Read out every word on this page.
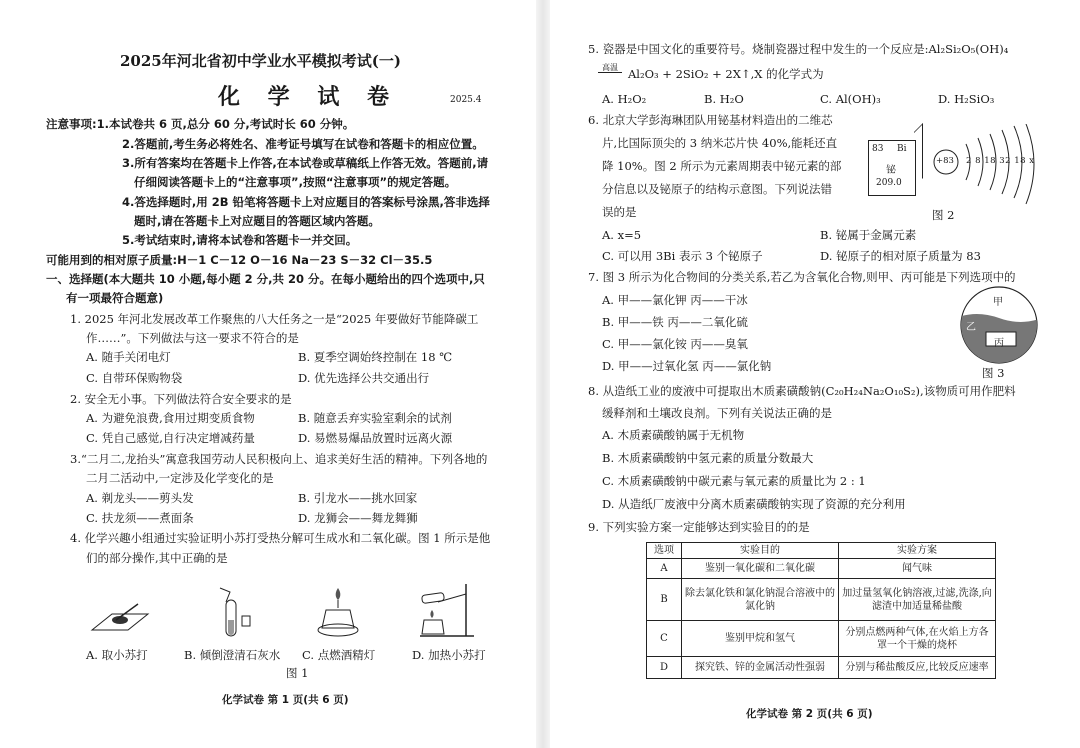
2025年河北省初中学业水平模拟考试(一)
化 学 试 卷	2025.4
注意事项:1.本试卷共 6 页,总分 60 分,考试时长 60 分钟。
2.答题前,考生务必将姓名、准考证号填写在试卷和答题卡的相应位置。
3.所有答案均在答题卡上作答,在本试卷或草稿纸上作答无效。答题前,请
仔细阅读答题卡上的“注意事项”,按照“注意事项”的规定答题。
4.答选择题时,用 2B 铅笔将答题卡上对应题目的答案标号涂黑,答非选择
题时,请在答题卡上对应题目的答题区域内答题。
5.考试结束时,请将本试卷和答题卡一并交回。
可能用到的相对原子质量:H－1 C－12 O－16 Na－23 S－32 Cl－35.5
一、选择题(本大题共 10 小题,每小题 2 分,共 20 分。在每小题给出的四个选项中,只
有一项最符合题意)
1. 2025 年河北发展改革工作聚焦的八大任务之一是“2025 年要做好节能降碳工
作……”。下列做法与这一要求不符合的是
A. 随手关闭电灯	B. 夏季空调始终控制在 18 ℃
C. 自带环保购物袋	D. 优先选择公共交通出行
2. 安全无小事。下列做法符合安全要求的是
A. 为避免浪费,食用过期变质食物	B. 随意丢弃实验室剩余的试剂
C. 凭自己感觉,自行决定增减药量	D. 易燃易爆品放置时远离火源
3.“二月二,龙抬头”寓意我国劳动人民积极向上、追求美好生活的精神。下列各地的
二月二活动中,一定涉及化学变化的是
A. 剃龙头——剪头发	B. 引龙水——挑水回家
C. 扶龙须——煮面条	D. 龙狮会——舞龙舞狮
4. 化学兴趣小组通过实验证明小苏打受热分解可生成水和二氧化碳。图 1 所示是他
们的部分操作,其中正确的是
A. 取小苏打	B. 倾倒澄清石灰水 C. 点燃酒精灯	D. 加热小苏打
图 1
化学试卷 第 1 页(共 6 页)
5. 瓷器是中国文化的重要符号。烧制瓷器过程中发生的一个反应是:Al₂Si₂O₅(OH)₄
高温 Al₂O₃ + 2SiO₂ + 2X↑,X 的化学式为
A. H₂O₂	B. H₂O	C. Al(OH)₃	D. H₂SiO₃
6. 北京大学彭海琳团队用铋基材料造出的二维芯
片,比国际顶尖的 3 纳米芯片快 40%,能耗还直
降 10%。图 2 所示为元素周期表中铋元素的部
分信息以及铋原子的结构示意图。下列说法错
误的是
83 Bi
铋
209.0
+83 2 8 18 32 18 x
图 2
A. x=5	B. 铋属于金属元素
C. 可以用 3Bi 表示 3 个铋原子	D. 铋原子的相对原子质量为 83
7. 图 3 所示为化合物间的分类关系,若乙为含氧化合物,则甲、丙可能是下列选项中的
A. 甲——氯化钾 丙——干冰
B. 甲——铁 丙——二氧化硫
C. 甲——氯化铵 丙——臭氧
D. 甲——过氧化氢 丙——氯化钠
甲
乙
丙
图 3
8. 从造纸工业的废液中可提取出木质素磺酸钠(C₂₀H₂₄Na₂O₁₀S₂),该物质可用作肥料
缓释剂和土壤改良剂。下列有关说法正确的是
A. 木质素磺酸钠属于无机物
B. 木质素磺酸钠中氢元素的质量分数最大
C. 木质素磺酸钠中碳元素与氧元素的质量比为 2 : 1
D. 从造纸厂废液中分离木质素磺酸钠实现了资源的充分利用
9. 下列实验方案一定能够达到实验目的的是
选项	实验目的	实验方案
A	鉴别一氧化碳和二氧化碳	闻气味
B	除去氯化铁和氯化钠混合溶液中的氯化钠	加过量氢氧化钠溶液,过滤,洗涤,向滤渣中加适量稀盐酸
C	鉴别甲烷和氢气	分别点燃两种气体,在火焰上方各罩一个干燥的烧杯
D	探究铁、锌的金属活动性强弱	分别与稀盐酸反应,比较反应速率
化学试卷 第 2 页(共 6 页)
